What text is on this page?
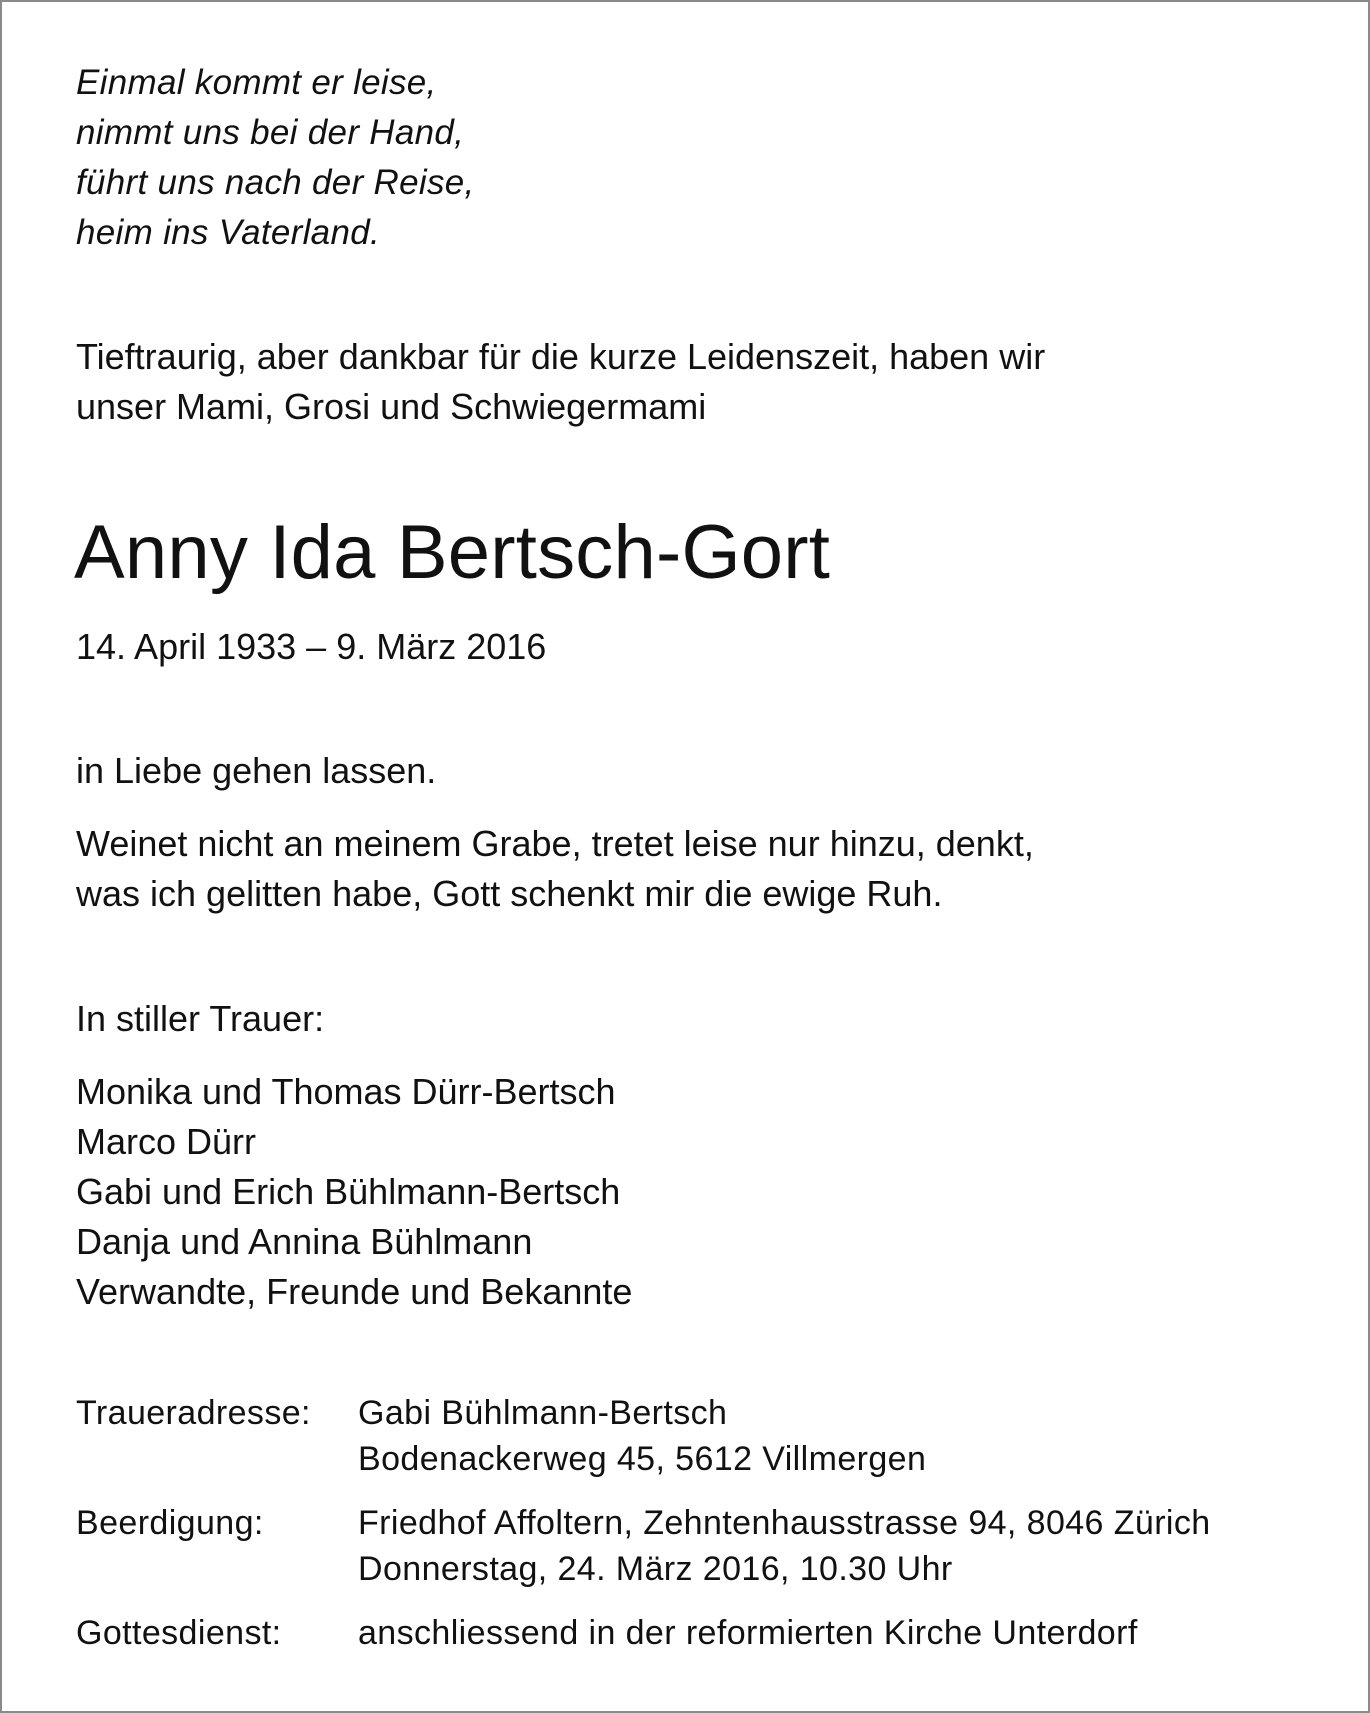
Einmal kommt er leise,
nimmt uns bei der Hand,
führt uns nach der Reise,
heim ins Vaterland.
Tieftraurig, aber dankbar für die kurze Leidenszeit, haben wir
unser Mami, Grosi und Schwiegermami
Anny Ida Bertsch-Gort
14. April 1933 – 9. März 2016
in Liebe gehen lassen.
Weinet nicht an meinem Grabe, tretet leise nur hinzu, denkt,
was ich gelitten habe, Gott schenkt mir die ewige Ruh.
In stiller Trauer:
Monika und Thomas Dürr-Bertsch
Marco Dürr
Gabi und Erich Bühlmann-Bertsch
Danja und Annina Bühlmann
Verwandte, Freunde und Bekannte
Traueradresse:	Gabi Bühlmann-Bertsch
Bodenackerweg 45, 5612 Villmergen
Beerdigung:	Friedhof Affoltern, Zehntenhausstrasse 94, 8046 Zürich
Donnerstag, 24. März 2016, 10.30 Uhr
Gottesdienst:	anschliessend in der reformierten Kirche Unterdorf
